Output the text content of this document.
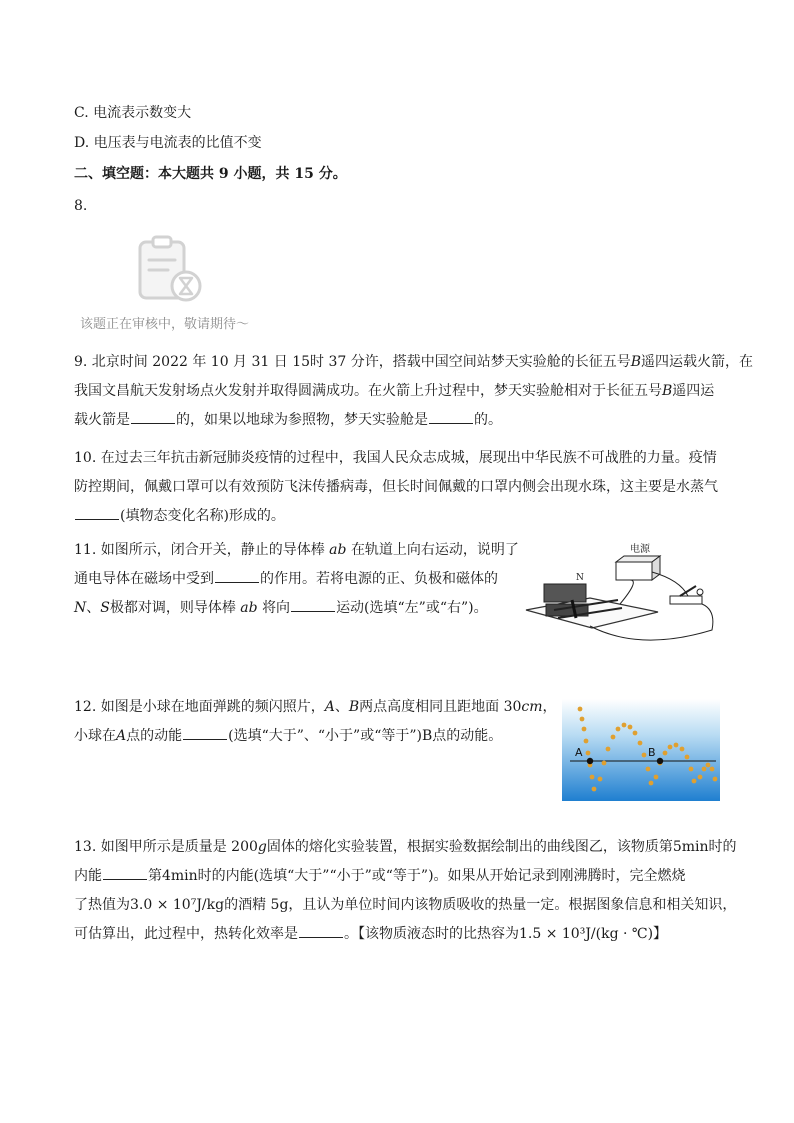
C. 电流表示数变大
D. 电压表与电流表的比值不变
二、填空题：本大题共 9 小题，共 15 分。
8.
该题正在审核中，敬请期待～
9. 北京时间 2022 年 10 月 31 日 15时 37 分许，搭载中国空间站梦天实验舱的长征五号B遥四运载火箭，在
我国文昌航天发射场点火发射并取得圆满成功。在火箭上升过程中，梦天实验舱相对于长征五号B遥四运
载火箭是	的，如果以地球为参照物，梦天实验舱是	的。
10. 在过去三年抗击新冠肺炎疫情的过程中，我国人民众志成城，展现出中华民族不可战胜的力量。疫情
防控期间，佩戴口罩可以有效预防飞沫传播病毒，但长时间佩戴的口罩内侧会出现水珠，这主要是水蒸气
(填物态变化名称)形成的。
11. 如图所示，闭合开关，静止的导体棒 ab 在轨道上向右运动，说明了
通电导体在磁场中受到	的作用。若将电源的正、负极和磁体的
N、S极都对调，则导体棒 ab 将向	运动(选填“左”或“右”)。
N
电源
12. 如图是小球在地面弹跳的频闪照片，A、B两点高度相同且距地面 30cm，
小球在A点的动能	(选填“大于”、“小于”或“等于”)B点的动能。
A	B
13. 如图甲所示是质量是 200g固体的熔化实验装置，根据实验数据绘制出的曲线图乙，该物质第5min时的
内能	第4min时的内能(选填“大于”“小于”或“等于”)。如果从开始记录到刚沸腾时，完全燃烧
了热值为3.0 × 10⁷J/kg的酒精 5g，且认为单位时间内该物质吸收的热量一定。根据图象信息和相关知识，
可估算出，此过程中，热转化效率是	。【该物质液态时的比热容为1.5 × 10³J/(kg · ℃)】
